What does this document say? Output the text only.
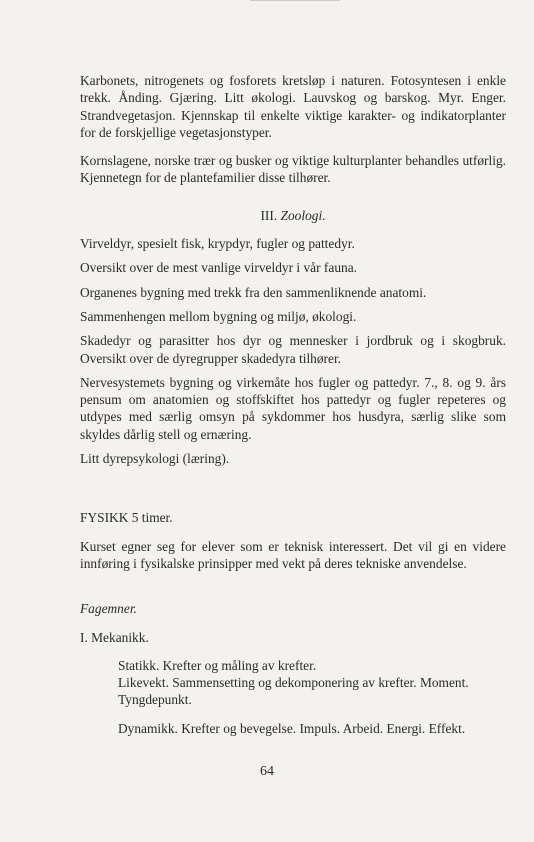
Karbonets, nitrogenets og fosforets kretsløp i naturen. Fotosyntesen i enkle trekk. Ånding. Gjæring. Litt økologi. Lauvskog og barskog. Myr. Enger. Strandvegetasjon. Kjennskap til enkelte viktige karakter- og indikatorplanter for de forskjellige vegetasjonstyper.

Kornslagene, norske trær og busker og viktige kulturplanter behandles utførlig. Kjennetegn for de plantefamilier disse tilhører.

III. Zoologi.

Virveldyr, spesielt fisk, krypdyr, fugler og pattedyr.

Oversikt over de mest vanlige virveldyr i vår fauna.

Organenes bygning med trekk fra den sammenliknende anatomi.

Sammenhengen mellom bygning og miljø, økologi.

Skadedyr og parasitter hos dyr og mennesker i jordbruk og i skogbruk. Oversikt over de dyregrupper skadedyra tilhører.

Nervesystemets bygning og virkemåte hos fugler og pattedyr. 7., 8. og 9. års pensum om anatomien og stoffskiftet hos pattedyr og fugler repeteres og utdypes med særlig omsyn på sykdommer hos husdyra, særlig slike som skyldes dårlig stell og ernæring.

Litt dyrepsykologi (læring).

FYSIKK 5 timer.

Kurset egner seg for elever som er teknisk interessert. Det vil gi en videre innføring i fysikalske prinsipper med vekt på deres tekniske anvendelse.

Fagemner.

I. Mekanikk.

Statikk. Krefter og måling av krefter.

Likevekt. Sammensetting og dekomponering av krefter. Moment. Tyngdepunkt.

Dynamikk. Krefter og bevegelse. Impuls. Arbeid. Energi. Effekt.

64
